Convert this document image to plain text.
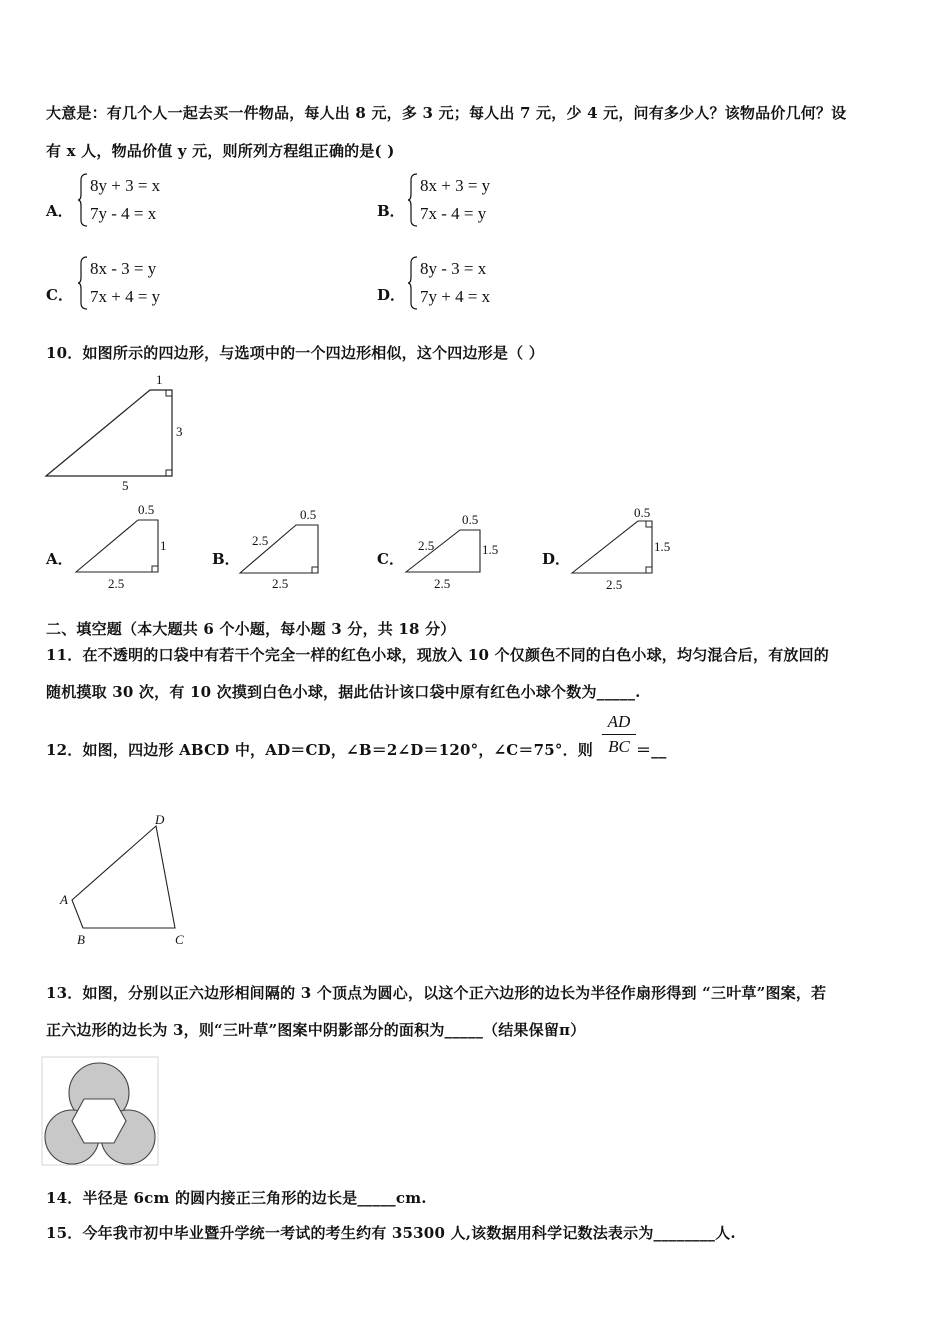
大意是：有几个人一起去买一件物品，每人出 8 元，多 3 元；每人出 7 元，少 4 元，问有多少人？该物品价几何？设
有 x 人，物品价值 y 元，则所列方程组正确的是( )
A．
8y + 3 = x
7y - 4 = x	B．
8x + 3 = y
7x - 4 = y
C．
8x - 3 = y
7x + 4 = y	D．
8y - 3 = x
7y + 4 = x
10．如图所示的四边形，与选项中的一个四边形相似，这个四边形是（ ）
1
3
5
A．
0.5
1
2.5
B．
0.5
2.5
2.5
C．
0.5
2.5	1.5
2.5
D．
0.5
1.5
2.5
二、填空题（本大题共 6 个小题，每小题 3 分，共 18 分）
11．在不透明的口袋中有若干个完全一样的红色小球，现放入 10 个仅颜色不同的白色小球，均匀混合后，有放回的
随机摸取 30 次，有 10 次摸到白色小球，据此估计该口袋中原有红色小球个数为_____.
12．如图，四边形 ABCD 中，AD＝CD，∠B＝2∠D＝120°，∠C＝75°．则
AD
BC ＝__
A
B	C
D
13．如图，分别以正六边形相间隔的 3 个顶点为圆心，以这个正六边形的边长为半径作扇形得到 “三叶草”图案，若
正六边形的边长为 3，则“三叶草”图案中阴影部分的面积为_____（结果保留π）
14．半径是 6cm 的圆内接正三角形的边长是_____cm.
15．今年我市初中毕业暨升学统一考试的考生约有 35300 人,该数据用科学记数法表示为________人.
